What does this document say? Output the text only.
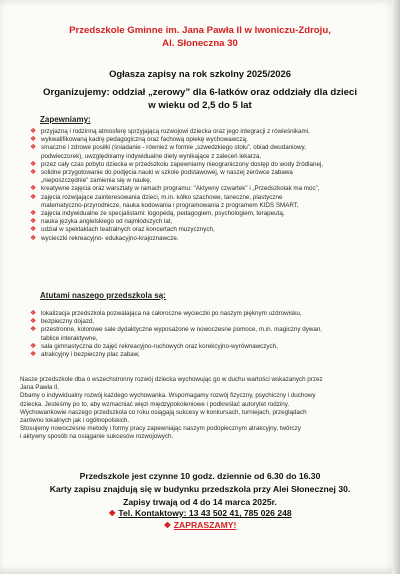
Przedszkole Gminne im. Jana Pawła II w Iwoniczu-Zdroju,
Al. Słoneczna 30
Ogłasza zapisy na rok szkolny 2025/2026
Organizujemy: oddział „zerowy” dla 6-latków oraz oddziały dla dzieci
w wieku od 2,5 do 5 lat
Zapewniamy:
❖ przyjazną i rodzinną atmosferę sprzyjającą rozwojowi dziecka oraz jego integracji z rówieśnikami,
❖ wykwalifikowaną kadrę pedagogiczną oraz fachową opiekę wychowawczą,
❖ smaczne i zdrowe posiłki (śniadanie - również w formie „szwedzkiego stołu”, obiad dwudaniowy,
podwieczorek), uwzględniamy indywidualne diety wynikające z zaleceń lekarza,
❖ przez cały czas pobytu dziecka w przedszkolu zapewniamy nieograniczony dostęp do wody źródlanej,
❖ solidne przygotowanie do podjęcia nauki w szkole podstawowej, w naszej zerówce zabawa
„nieposzczędnie” zamienia się w naukę,
❖ kreatywne zajęcia oraz warsztaty w ramach programu: "Aktywny czwartek" i „Przedszkolak ma moc”,
❖ zajęcia rozwijające zainteresowania dzieci, m.in. kółko szachowe, taneczne, plastyczne
matematyczno-przyrodnicze, nauka kodowania i programowania z programem KIDS SMART,
❖ zajęcia indywidualne ze specjalistami: logopedą, pedagogiem, psychologiem, terapeutą,
❖ nauka języka angielskiego od najmłodszych lat,
❖ udział w spektaklach teatralnych oraz koncertach muzycznych,
❖ wycieczki rekreacyjno- edukacyjno-krajoznawcze.
Atutami naszego przedszkola są:
❖ lokalizacja przedszkola pozwalająca na całoroczne wycieczki po naszym pięknym uzdrowisku,
❖ bezpieczny dojazd,
❖ przestronne, kolorowe sale dydaktyczne wyposażone w nowoczesne pomoce, m.in. magiczny dywan,
tablice interaktywne,
❖ sala gimnastyczna do zajęć rekreacyjno-ruchowych oraz korekcyjno-wyrównawczych,
❖ atrakcyjny i bezpieczny plac zabaw,
Nasze przedszkole dba o wszechstronny rozwój dziecka wychowując go w duchu wartości wskazanych przez
Jana Pawła II.
Dbamy o indywidualny rozwój każdego wychowanka. Wspomagamy rozwój fizyczny, psychiczny i duchowy
dziecka. Jesteśmy po to, aby wzmacniać więzi międzypokoleniowe i podkreślać autorytet rodziny.
Wychowankowie naszego przedszkola co roku osiągają sukcesy w konkursach, turniejach, przeglądach
zarówno lokalnych jak i ogólnopolskich.
Stosujemy nowoczesne metody i formy pracy zapewniając naszym podopiecznym atrakcyjny, twórczy
i aktywny sposób na osiąganie sukcesów rozwojowych.
Przedszkole jest czynne 10 godz. dziennie od 6.30 do 16.30
Karty zapisu znajdują się w budynku przedszkola przy Alei Słonecznej 30.
Zapisy trwają od 4 do 14 marca 2025r.
❖ Tel. Kontaktowy: 13 43 502 41, 785 026 248
❖ ZAPRASZAMY!
